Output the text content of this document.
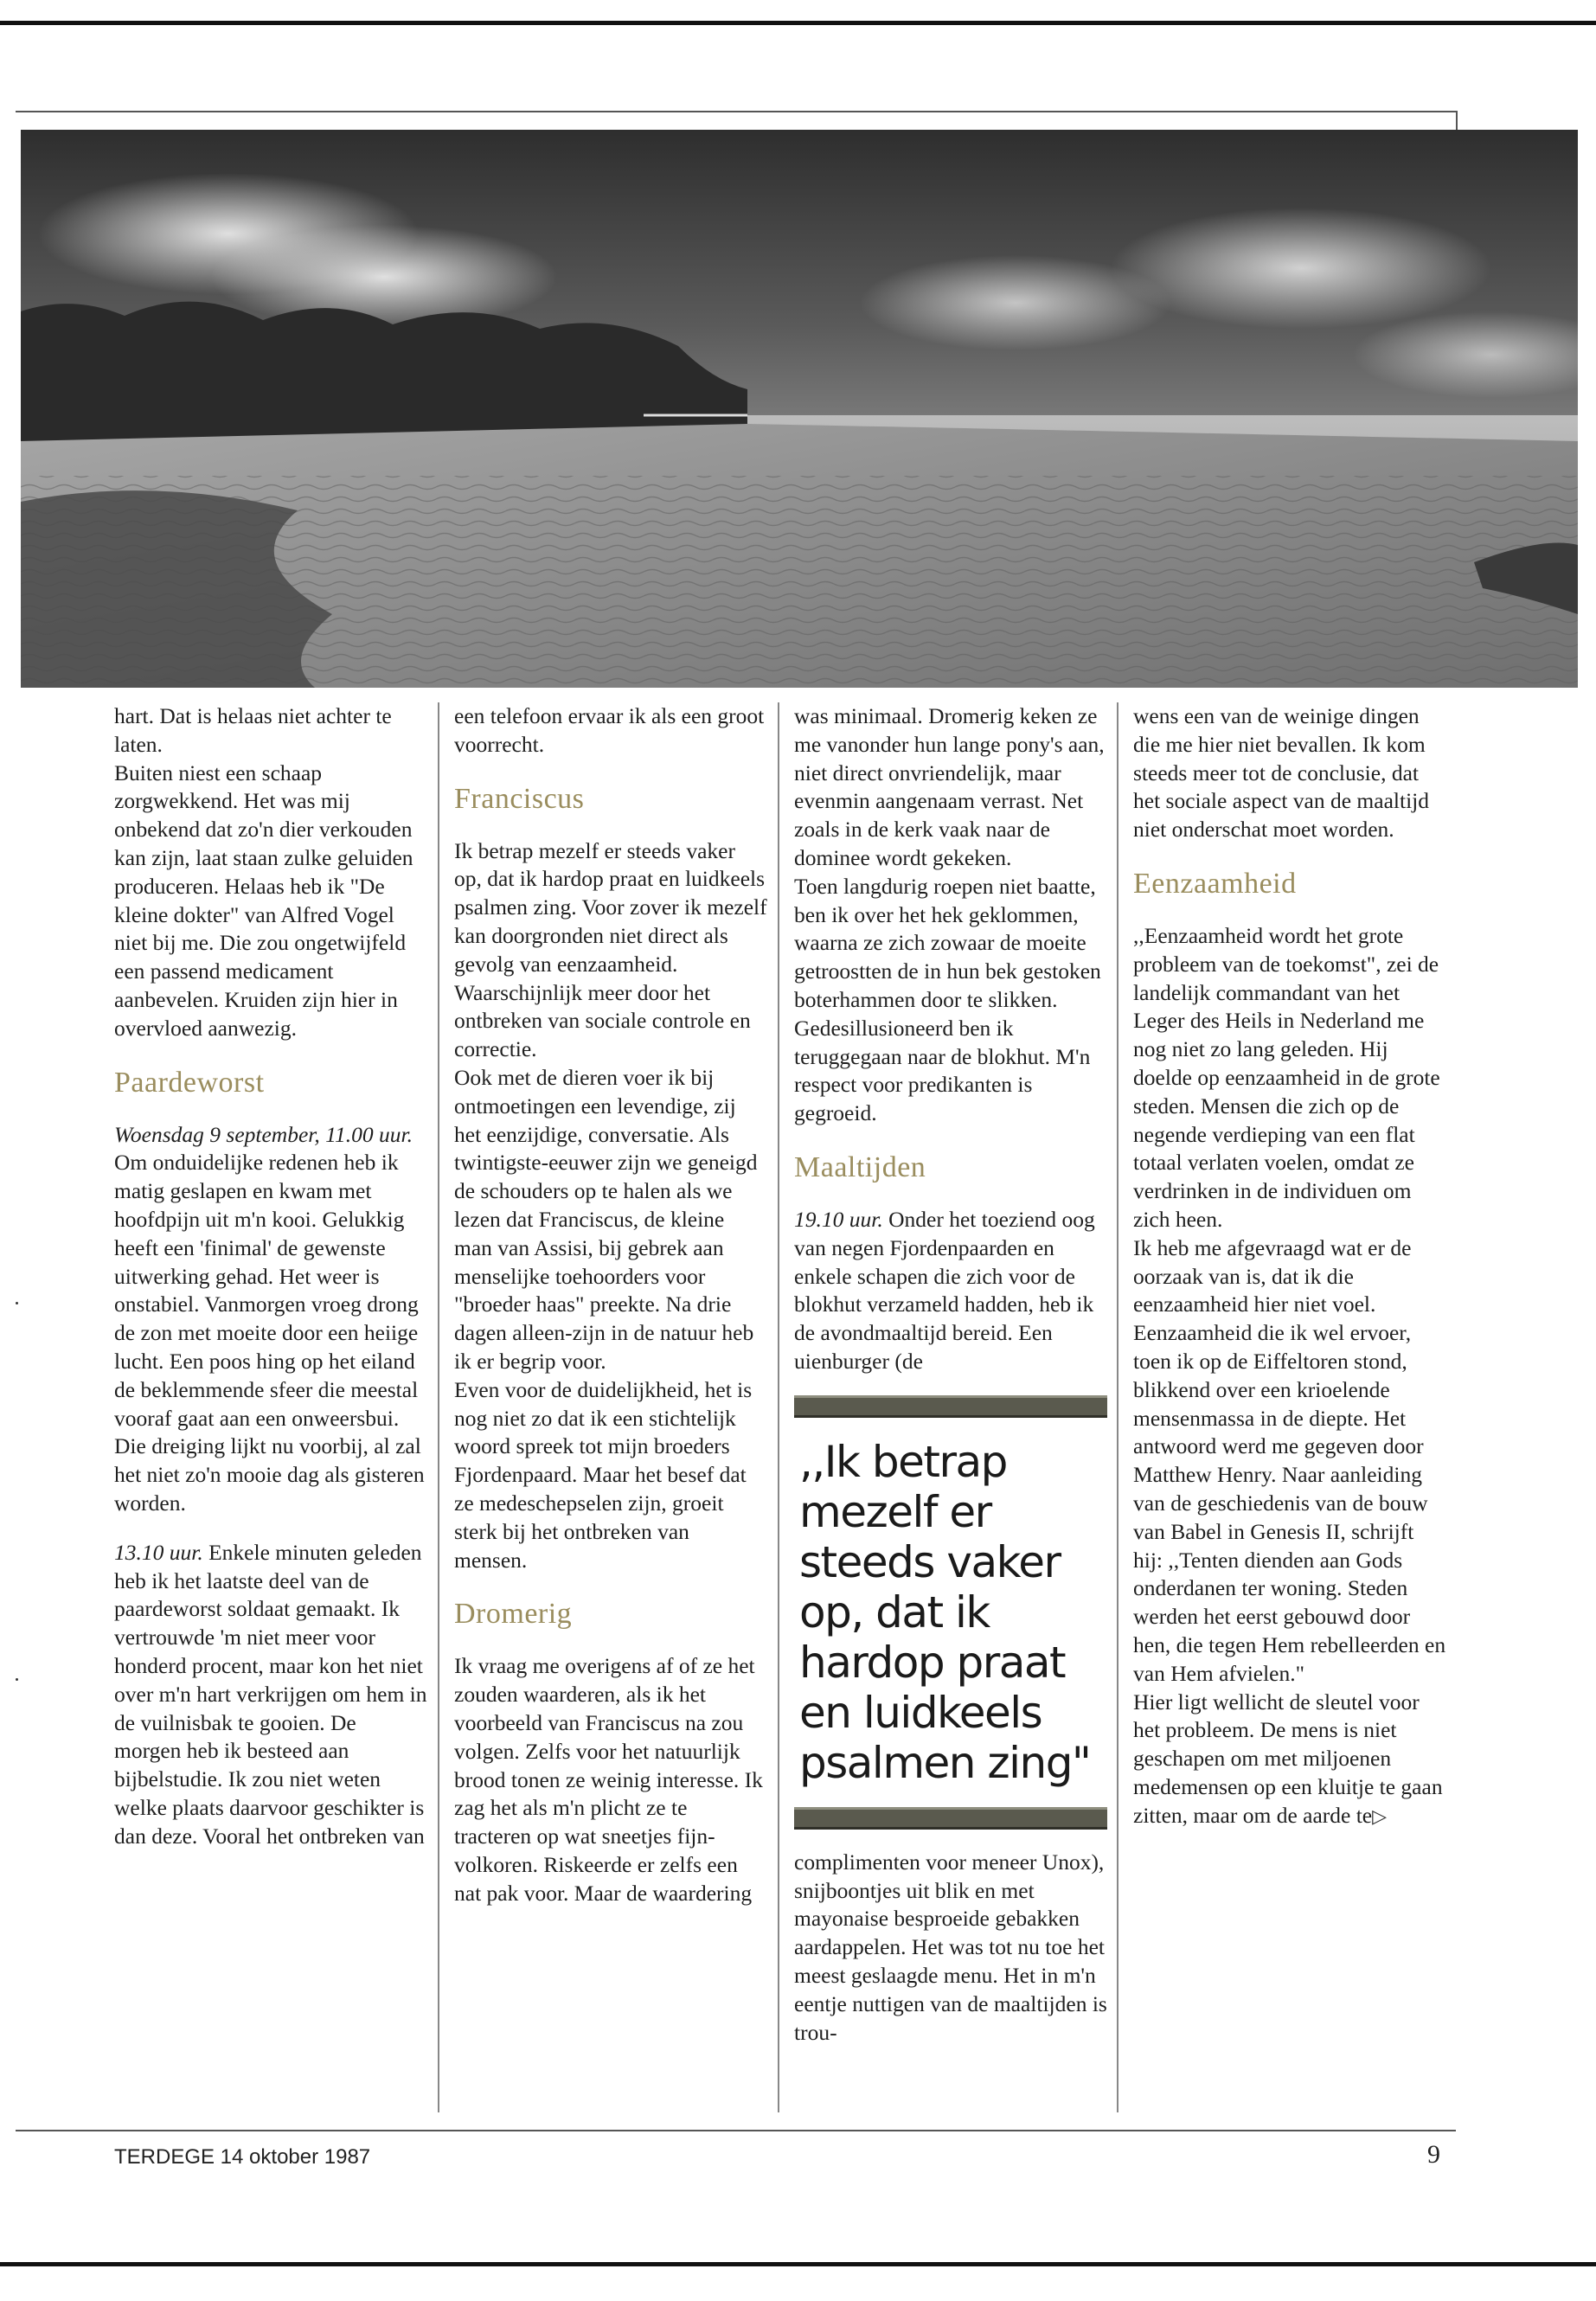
hart. Dat is helaas niet achter te laten.

Buiten niest een schaap zorgwekkend. Het was mij onbekend dat zo'n dier verkouden kan zijn, laat staan zulke geluiden produceren. Helaas heb ik "De kleine dokter" van Alfred Vogel niet bij me. Die zou ongetwijfeld een passend medicament aanbevelen. Kruiden zijn hier in overvloed aanwezig.

Paardeworst

Woensdag 9 september, 11.00 uur. Om onduidelijke redenen heb ik matig geslapen en kwam met hoofdpijn uit m'n kooi. Gelukkig heeft een 'finimal' de gewenste uitwerking gehad. Het weer is onstabiel. Vanmorgen vroeg drong de zon met moeite door een heiige lucht. Een poos hing op het eiland de beklemmende sfeer die meestal vooraf gaat aan een onweersbui. Die dreiging lijkt nu voorbij, al zal het niet zo'n mooie dag als gisteren worden.

13.10 uur. Enkele minuten geleden heb ik het laatste deel van de paardeworst soldaat gemaakt. Ik vertrouwde 'm niet meer voor honderd procent, maar kon het niet over m'n hart verkrijgen om hem in de vuilnisbak te gooien. De morgen heb ik besteed aan bijbelstudie. Ik zou niet weten welke plaats daarvoor geschikter is dan deze. Vooral het ontbreken van

een telefoon ervaar ik als een groot voorrecht.

Franciscus

Ik betrap mezelf er steeds vaker op, dat ik hardop praat en luidkeels psalmen zing. Voor zover ik mezelf kan doorgronden niet direct als gevolg van eenzaamheid. Waarschijnlijk meer door het ontbreken van sociale controle en correctie.

Ook met de dieren voer ik bij ontmoetingen een levendige, zij het eenzijdige, conversatie. Als twintigste-eeuwer zijn we geneigd de schouders op te halen als we lezen dat Franciscus, de kleine man van Assisi, bij gebrek aan menselijke toehoorders voor "broeder haas" preekte. Na drie dagen alleen-zijn in de natuur heb ik er begrip voor.

Even voor de duidelijkheid, het is nog niet zo dat ik een stichtelijk woord spreek tot mijn broeders Fjordenpaard. Maar het besef dat ze medeschepselen zijn, groeit sterk bij het ontbreken van mensen.

Dromerig

Ik vraag me overigens af of ze het zouden waarderen, als ik het voorbeeld van Franciscus na zou volgen. Zelfs voor het natuurlijk brood tonen ze weinig interesse. Ik zag het als m'n plicht ze te tracteren op wat sneetjes fijn-volkoren. Riskeerde er zelfs een nat pak voor. Maar de waardering

was minimaal. Dromerig keken ze me vanonder hun lange pony's aan, niet direct onvriendelijk, maar evenmin aangenaam verrast. Net zoals in de kerk vaak naar de dominee wordt gekeken.

Toen langdurig roepen niet baatte, ben ik over het hek geklommen, waarna ze zich zowaar de moeite getroostten de in hun bek gestoken boterhammen door te slikken. Gedesillusioneerd ben ik teruggegaan naar de blokhut. M'n respect voor predikanten is gegroeid.

Maaltijden

19.10 uur. Onder het toeziend oog van negen Fjordenpaarden en enkele schapen die zich voor de blokhut verzameld hadden, heb ik de avondmaaltijd bereid. Een uienburger (de

,,Ik betrap mezelf er steeds vaker op, dat ik hardop praat en luidkeels psalmen zing"

complimenten voor meneer Unox), snijboontjes uit blik en met mayonaise besproeide gebakken aardappelen. Het was tot nu toe het meest geslaagde menu. Het in m'n eentje nuttigen van de maaltijden is trou-

wens een van de weinige dingen die me hier niet bevallen. Ik kom steeds meer tot de conclusie, dat het sociale aspect van de maaltijd niet onderschat moet worden.

Eenzaamheid

,,Eenzaamheid wordt het grote probleem van de toekomst", zei de landelijk commandant van het Leger des Heils in Nederland me nog niet zo lang geleden. Hij doelde op eenzaamheid in de grote steden. Mensen die zich op de negende verdieping van een flat totaal verlaten voelen, omdat ze verdrinken in de individuen om zich heen.

Ik heb me afgevraagd wat er de oorzaak van is, dat ik die eenzaamheid hier niet voel. Eenzaamheid die ik wel ervoer, toen ik op de Eiffeltoren stond, blikkend over een krioelende mensenmassa in de diepte. Het antwoord werd me gegeven door Matthew Henry. Naar aanleiding van de geschiedenis van de bouw van Babel in Genesis II, schrijft hij: ,,Tenten dienden aan Gods onderdanen ter woning. Steden werden het eerst gebouwd door hen, die tegen Hem rebelleerden en van Hem afvielen."

Hier ligt wellicht de sleutel voor het probleem. De mens is niet geschapen om met miljoenen medemensen op een kluitje te gaan zitten, maar om de aarde te▷

TERDEGE 14 oktober 1987	9
